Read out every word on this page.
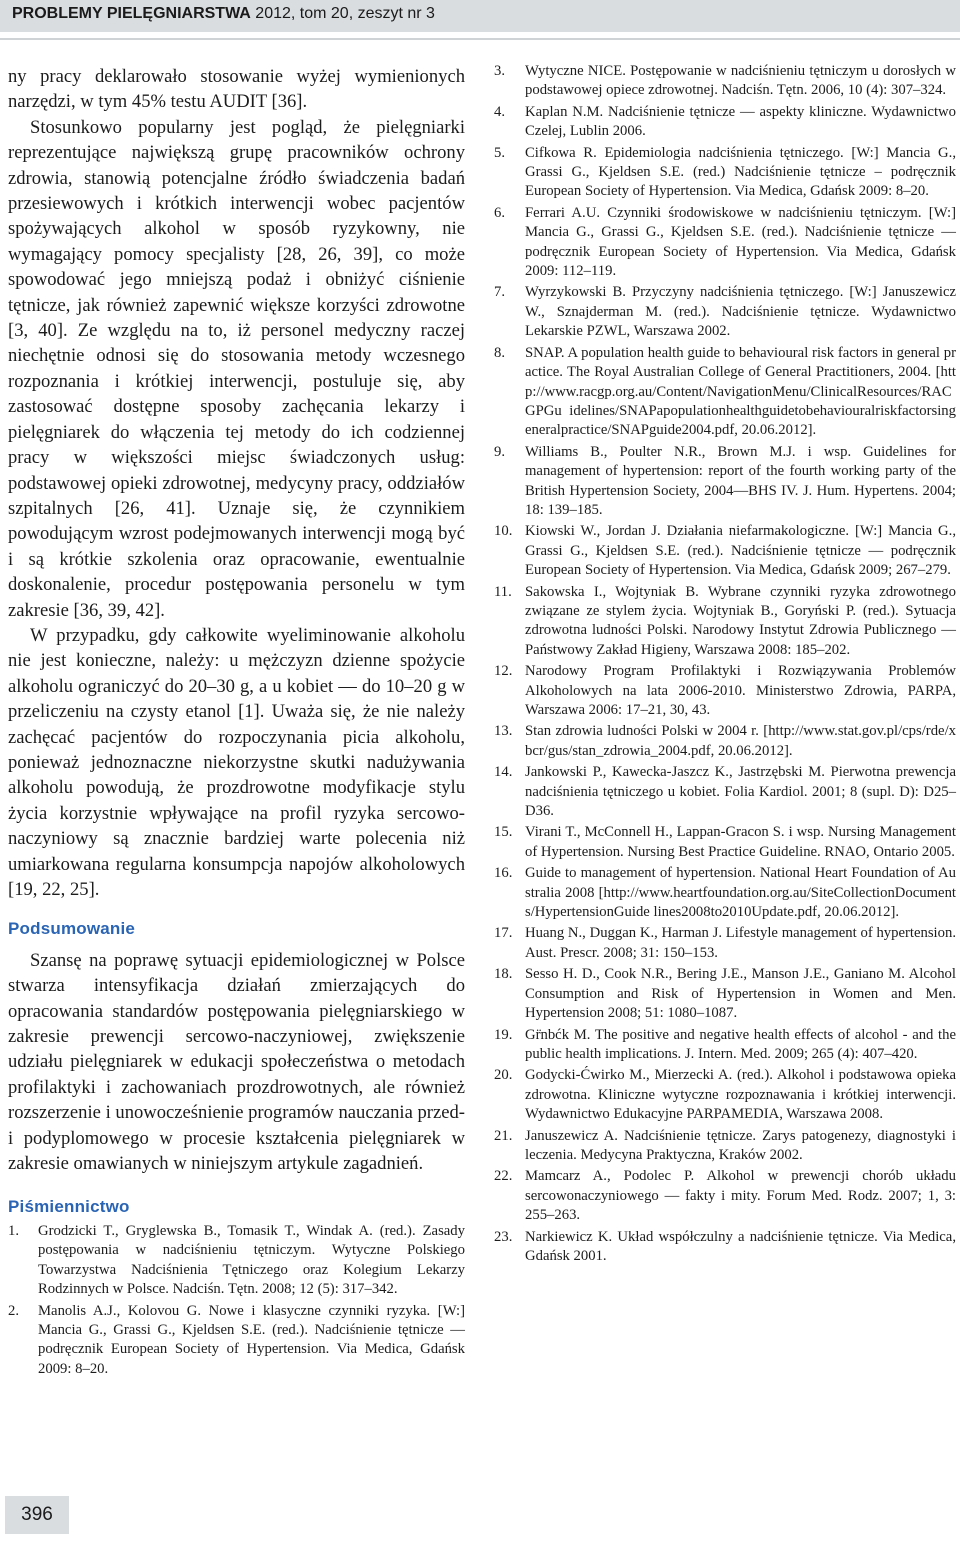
PROBLEMY PIELĘGNIARSTWA 2012, tom 20, zeszyt nr 3

ny pracy deklarowało stosowanie wyżej wymienionych narzędzi, w tym 45% testu AUDIT [36].

Stosunkowo popularny jest pogląd, że pielęgniarki reprezentujące największą grupę pracowników ochrony zdrowia, stanowią potencjalne źródło świadczenia badań przesiewowych i krótkich interwencji wobec pacjentów spożywających alkohol w sposób ryzykowny, nie wymagający pomocy specjalisty [28, 26, 39], co może spowodować jego mniejszą podaż i obniżyć ciśnienie tętnicze, jak również zapewnić większe korzyści zdrowotne [3, 40]. Ze względu na to, iż personel medyczny raczej niechętnie odnosi się do stosowania metody wczesnego rozpoznania i krótkiej interwencji, postuluje się, aby zastosować dostępne sposoby zachęcania lekarzy i pielęgniarek do włączenia tej metody do ich codziennej pracy w większości miejsc świadczonych usług: podstawowej opieki zdrowotnej, medycyny pracy, oddziałów szpitalnych [26, 41]. Uznaje się, że czynnikiem powodującym wzrost podejmowanych interwencji mogą być i są krótkie szkolenia oraz opracowanie, ewentualnie doskonalenie, procedur postępowania personelu w tym zakresie [36, 39, 42].

W przypadku, gdy całkowite wyeliminowanie alkoholu nie jest konieczne, należy: u mężczyzn dzienne spożycie alkoholu ograniczyć do 20–30 g, a u kobiet — do 10–20 g w przeliczeniu na czysty etanol [1]. Uważa się, że nie należy zachęcać pacjentów do rozpoczynania picia alkoholu, ponieważ jednoznaczne niekorzystne skutki nadużywania alkoholu powodują, że prozdrowotne modyfikacje stylu życia korzystnie wpływające na profil ryzyka sercowo-naczyniowy są znacznie bardziej warte polecenia niż umiarkowana regularna konsumpcja napojów alkoholowych [19, 22, 25].

Podsumowanie

Szansę na poprawę sytuacji epidemiologicznej w Polsce stwarza intensyfikacja działań zmierzających do opracowania standardów postępowania pielęgniarskiego w zakresie prewencji sercowo-naczyniowej, zwiększenie udziału pielęgniarek w edukacji społeczeństwa o metodach profilaktyki i zachowaniach prozdrowotnych, ale również rozszerzenie i unowocześnienie programów nauczania przed- i podyplomowego w procesie kształcenia pielęgniarek w zakresie omawianych w niniejszym artykule zagadnień.

Piśmiennictwo
1. Grodzicki T., Gryglewska B., Tomasik T., Windak A. (red.). Zasady postępowania w nadciśnieniu tętniczym. Wytyczne Polskiego Towarzystwa Nadciśnienia Tętniczego oraz Kolegium Lekarzy Rodzinnych w Polsce. Nadciśn. Tętn. 2008; 12 (5): 317–342.
2. Manolis A.J., Kolovou G. Nowe i klasyczne czynniki ryzyka. [W:] Mancia G., Grassi G., Kjeldsen S.E. (red.). Nadciśnienie tętnicze — podręcznik European Society of Hypertension. Via Medica, Gdańsk 2009: 8–20.
3. Wytyczne NICE. Postępowanie w nadciśnieniu tętniczym u dorosłych w podstawowej opiece zdrowotnej. Nadciśn. Tętn. 2006, 10 (4): 307–324.
4. Kaplan N.M. Nadciśnienie tętnicze — aspekty kliniczne. Wydawnictwo Czelej, Lublin 2006.
5. Cifkowa R. Epidemiologia nadciśnienia tętniczego. [W:] Mancia G., Grassi G., Kjeldsen S.E. (red.) Nadciśnienie tętnicze – podręcznik European Society of Hypertension. Via Medica, Gdańsk 2009: 8–20.
6. Ferrari A.U. Czynniki środowiskowe w nadciśnieniu tętniczym. [W:] Mancia G., Grassi G., Kjeldsen S.E. (red.). Nadciśnienie tętnicze — podręcznik European Society of Hypertension. Via Medica, Gdańsk 2009: 112–119.
7. Wyrzykowski B. Przyczyny nadciśnienia tętniczego. [W:] Januszewicz W., Sznajderman M. (red.). Nadciśnienie tętnicze. Wydawnictwo Lekarskie PZWL, Warszawa 2002.
8. SNAP. A population health guide to behavioural risk factors in general practice. The Royal Australian College of General Practitioners, 2004. [http://www.racgp.org.au/Content/NavigationMenu/ClinicalResources/RACGPGu idelines/SNAPapopulationhealthguidetobehaviouralriskfactorsingeneralpractice/SNAPguide2004.pdf, 20.06.2012].
9. Williams B., Poulter N.R., Brown M.J. i wsp. Guidelines for management of hypertension: report of the fourth working party of the British Hypertension Society, 2004—BHS IV. J. Hum. Hypertens. 2004; 18: 139–185.
10. Kiowski W., Jordan J. Działania niefarmakologiczne. [W:] Mancia G., Grassi G., Kjeldsen S.E. (red.). Nadciśnienie tętnicze — podręcznik European Society of Hypertension. Via Medica, Gdańsk 2009; 267–279.
11. Sakowska I., Wojtyniak B. Wybrane czynniki ryzyka zdrowotnego związane ze stylem życia. Wojtyniak B., Goryński P. (red.). Sytuacja zdrowotna ludności Polski. Narodowy Instytut Zdrowia Publicznego — Państwowy Zakład Higieny, Warszawa 2008: 185–202.
12. Narodowy Program Profilaktyki i Rozwiązywania Problemów Alkoholowych na lata 2006-2010. Ministerstwo Zdrowia, PARPA, Warszawa 2006: 17–21, 30, 43.
13. Stan zdrowia ludności Polski w 2004 r. [http://www.stat.gov.pl/cps/rde/xbcr/gus/stan_zdrowia_2004.pdf, 20.06.2012].
14. Jankowski P., Kawecka-Jaszcz K., Jastrzębski M. Pierwotna prewencja nadciśnienia tętniczego u kobiet. Folia Kardiol. 2001; 8 (supl. D): D25–D36.
15. Virani T., McConnell H., Lappan-Gracon S. i wsp. Nursing Management of Hypertension. Nursing Best Practice Guideline. RNAO, Ontario 2005.
16. Guide to management of hypertension. National Heart Foundation of Australia 2008 [http://www.heartfoundation.org.au/SiteCollectionDocuments/HypertensionGuide lines2008to2010Update.pdf, 20.06.2012].
17. Huang N., Duggan K., Harman J. Lifestyle management of hypertension. Aust. Prescr. 2008; 31: 150–153.
18. Sesso H. D., Cook N.R., Bering J.E., Manson J.E., Ganiano M. Alcohol Consumption and Risk of Hypertension in Women and Men. Hypertension 2008; 51: 1080–1087.
19. Gr̈nbćk M. The positive and negative health effects of alcohol - and the public health implications. J. Intern. Med. 2009; 265 (4): 407–420.
20. Godycki-Ćwirko M., Mierzecki A. (red.). Alkohol i podstawowa opieka zdrowotna. Kliniczne wytyczne rozpoznawania i krótkiej interwencji. Wydawnictwo Edukacyjne PARPAMEDIA, Warszawa 2008.
21. Januszewicz A. Nadciśnienie tętnicze. Zarys patogenezy, diagnostyki i leczenia. Medycyna Praktyczna, Kraków 2002.
22. Mamcarz A., Podolec P. Alkohol w prewencji chorób układu sercowonaczyniowego — fakty i mity. Forum Med. Rodz. 2007; 1, 3: 255–263.
23. Narkiewicz K. Układ współczulny a nadciśnienie tętnicze. Via Medica, Gdańsk 2001.
396
